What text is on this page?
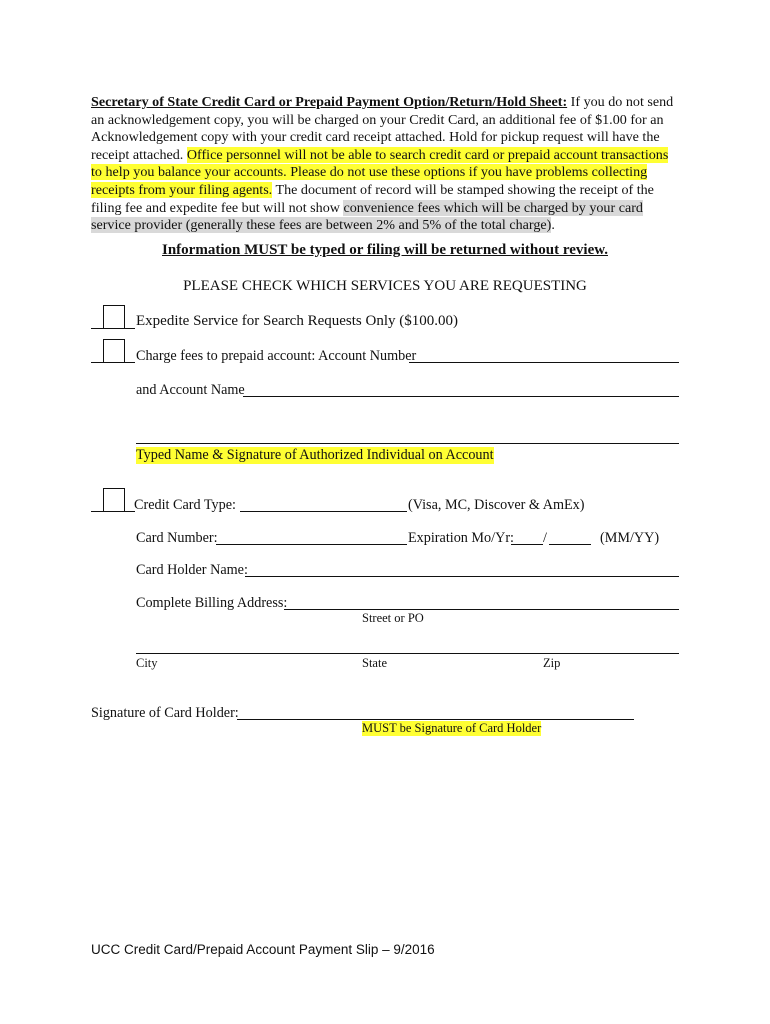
Secretary of State Credit Card or Prepaid Payment Option/Return/Hold Sheet: If you do not send an acknowledgement copy, you will be charged on your Credit Card, an additional fee of $1.00 for an Acknowledgement copy with your credit card receipt attached. Hold for pickup request will have the receipt attached. Office personnel will not be able to search credit card or prepaid account transactions to help you balance your accounts. Please do not use these options if you have problems collecting receipts from your filing agents. The document of record will be stamped showing the receipt of the filing fee and expedite fee but will not show convenience fees which will be charged by your card service provider (generally these fees are between 2% and 5% of the total charge).
Information MUST be typed or filing will be returned without review.
PLEASE CHECK WHICH SERVICES YOU ARE REQUESTING
Expedite Service for Search Requests Only ($100.00)
Charge fees to prepaid account: Account Number
and Account Name
Typed Name & Signature of Authorized Individual on Account
Credit Card Type:	(Visa, MC, Discover & AmEx)
Card Number:	Expiration Mo/Yr: /	(MM/YY)
Card Holder Name:
Complete Billing Address:
Street or PO
City	State	Zip
Signature of Card Holder:
MUST be Signature of Card Holder
UCC Credit Card/Prepaid Account Payment Slip – 9/2016
